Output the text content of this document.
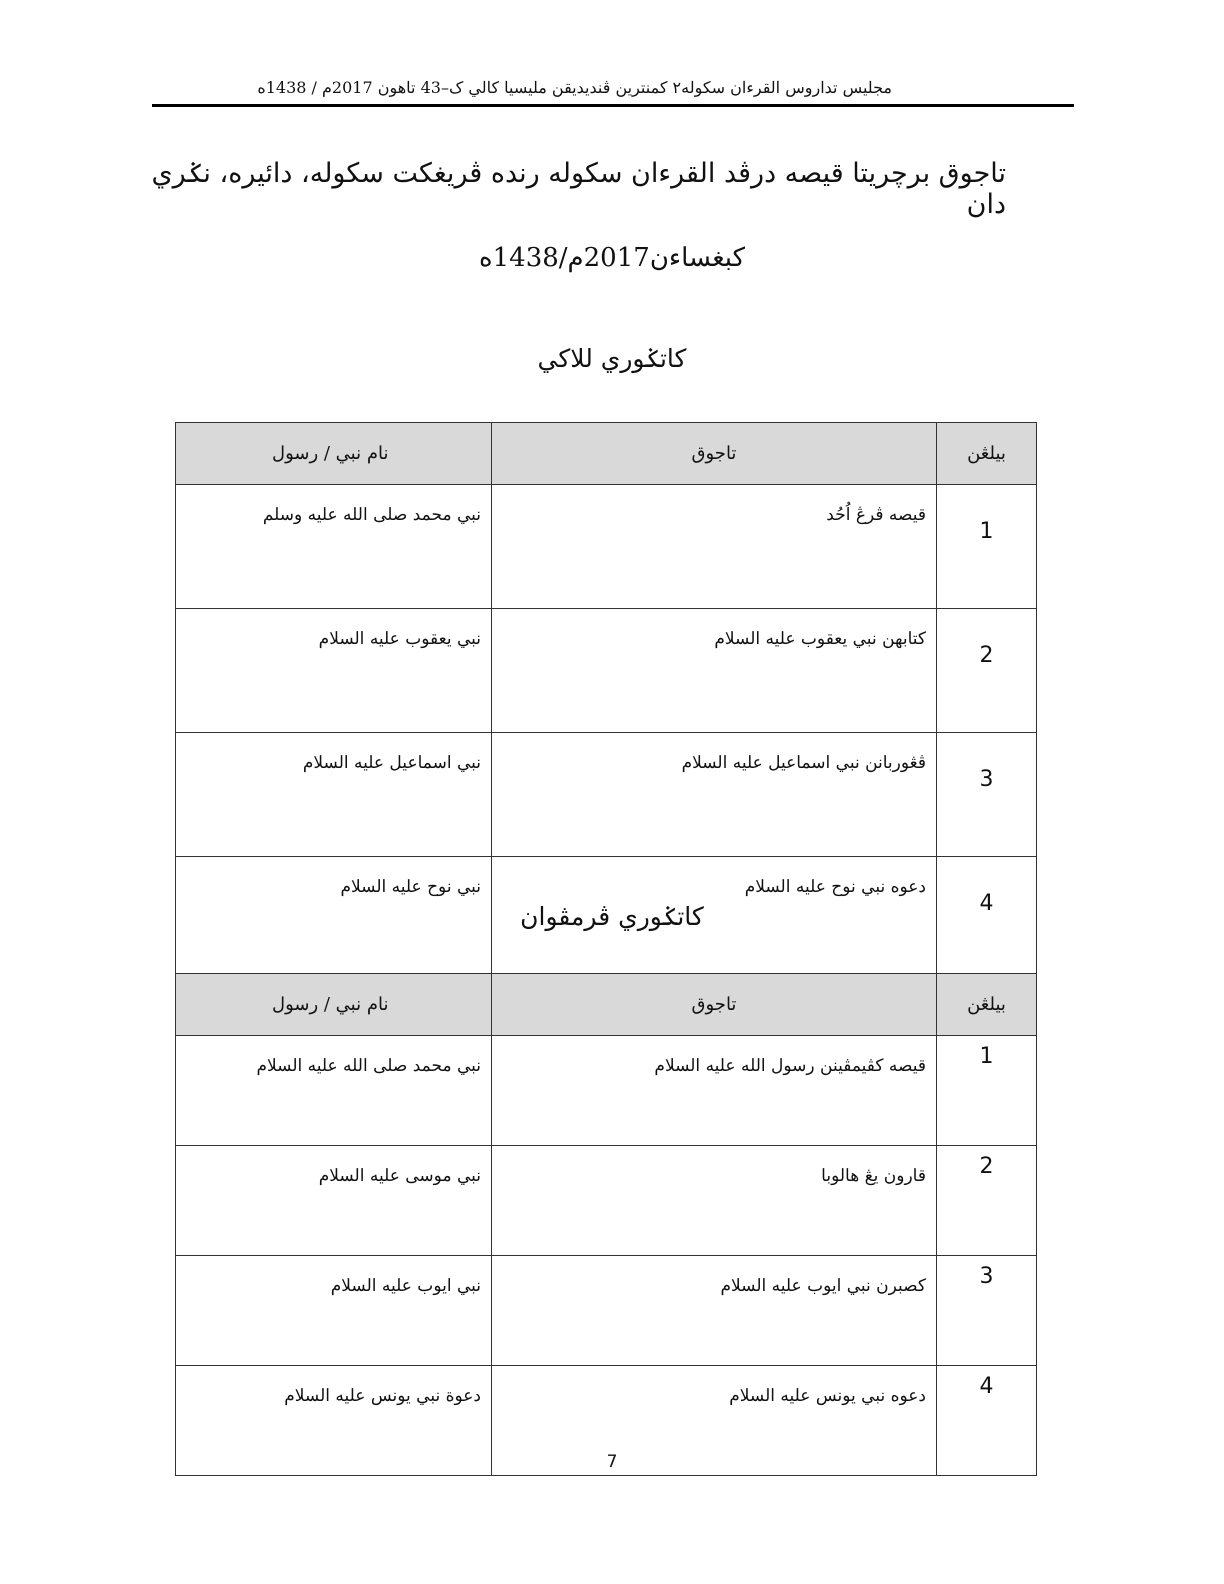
مجليس تداروس القرءان سکوله٢ کمنترين ڤنديديقن مليسيا کالي ک–43 تاهون 2017م / 1438ه
تاجوق برچريتا قيصه درڤد القرءان سکوله رنده ڤريغکت سکوله، دائيره، نݢري دان
کبغساءن2017م/1438ه
کاتݢوري للاکي
نام نبي / رسول	تاجوق	بيلڠن
نبي محمد صلى الله عليه وسلم	قيصه ڤرڠ اُحُد	1
نبي يعقوب عليه السلام	کتابهن نبي يعقوب عليه السلام	2
نبي اسماعيل عليه السلام	ڤڠوربانن نبي اسماعيل عليه السلام	3
نبي نوح عليه السلام	دعوه نبي نوح عليه السلام	4
کاتݢوري ڤرمڤوان
نام نبي / رسول	تاجوق	بيلڠن
نبي محمد صلى الله عليه السلام	قيصه کڤيمڤينن رسول الله عليه السلام	1
نبي موسى عليه السلام	قارون يڠ هالوبا	2
نبي ايوب عليه السلام	کصبرن نبي ايوب عليه السلام	3
دعوة نبي يونس عليه السلام	دعوه نبي يونس عليه السلام	4
7
